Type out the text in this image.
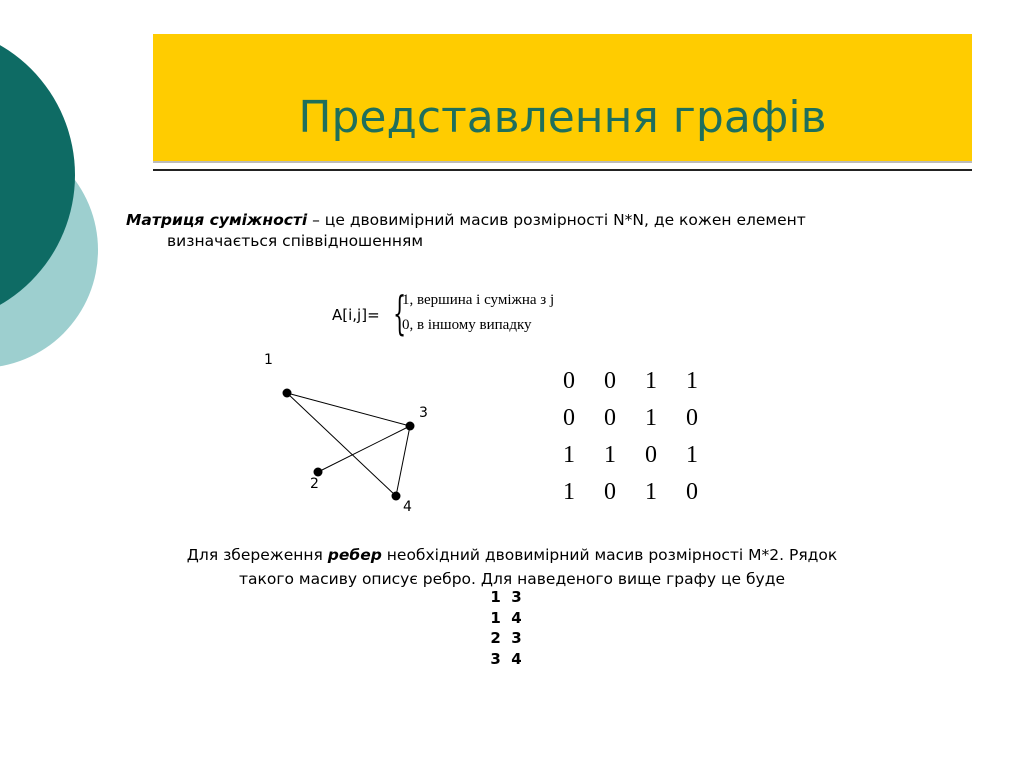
Представлення графів
Матриця суміжності – це двовимірний масив розмірності N*N, де кожен елемент
визначається співвідношенням
A[i,j]= {
1, вершина i суміжна з j
0, в іншому випадку
1
2
3
4
0	0	1	1
0	0	1	0
1	1	0	1
1	0	1	0
Для збереження ребер необхідний двовимірний масив розмірності M*2. Рядок
такого масиву описує ребро. Для наведеного вище графу це буде
1  3
1  4
2  3
3  4
